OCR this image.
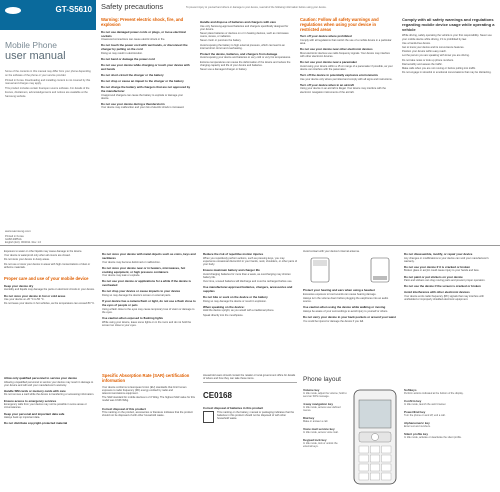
GT-S5610
Mobile Phone
user manual

Some of the contents in this manual may differ from your phone depending on the software of the phone or your service provider.

Printed in Korea. Downloading and installing content is not covered by this manual and charges may apply.

This product includes certain free/open source software. For details of the licence, disclaimers, acknowledgements and notices are available at the Samsung website.

www.samsung.com
Printed in Korea
GH68-30851A
English (EU). 06/2011. Rev. 1.0
Safety precautions	To prevent injury to yourself and others or damage to your device, read all of the following information before using your device.
Warning: Prevent electric shock, fire, and explosion
Do not use damaged power cords or plugs, or loose electrical sockets
Unsecured connections can cause electric shock or fire.
Do not touch the power cord with wet hands, or disconnect the charger by pulling on the cord
Doing so may result in electrocution.
Do not bend or damage the power cord
Do not use your device while charging or touch your device with wet hands
Do not short-circuit the charger or the battery
Do not drop or cause an impact to the charger or the battery
Do not charge the battery with chargers that are not approved by the manufacturer
Unapproved chargers can cause the battery to explode or damage your device.
Do not use your device during a thunderstorm
Your device may malfunction and your risk of electric shock is increased.
Handle and dispose of batteries and chargers with care
Use only Samsung-approved batteries and chargers specifically designed for your device.
Never place batteries or devices on or in heating devices, such as microwave ovens, stoves, or radiators.
Never crush or puncture the battery.
Avoid exposing the battery to high external pressure, which can lead to an internal short circuit and overheating.
Protect the device, batteries, and chargers from damage
Avoid exposing your device and batteries to very cold or very hot temperatures.
Extreme temperatures can cause the deformation of the device and reduce the charging capacity and life of your device and batteries.
Never use a damaged charger or battery.
Caution: Follow all safety warnings and regulations when using your device in restricted areas
Turn off your device where prohibited
Comply with all regulations that restrict the use of a mobile device in a particular area.
Do not use your device near other electronic devices
Most electronic devices use radio frequency signals. Your device may interfere with other electronic devices.
Do not use your device near a pacemaker
Avoid using your device within a 15 cm range of a pacemaker if possible, as your device can interfere with the pacemaker.
Turn off the device in potentially explosive environments
Use your device only where permitted and comply with all signs and instructions.
Turn off your device when in an aircraft
Using your device in an aircraft is illegal. Your device may interfere with the electronic navigation instruments of the aircraft.
Comply with all safety warnings and regulations regarding mobile device usage while operating a vehicle
While driving, safely operating the vehicle is your first responsibility. Never use your mobile device while driving, if it is prohibited by law.
Use a hands-free device.
Get to know your device and its convenience features.
Position your device within easy reach.
Let the person you are speaking with know you are driving.
Do not take notes or look up phone numbers.
Dial sensibly and assess the traffic.
Make calls when you are not moving or before pulling into traffic.
Do not engage in stressful or emotional conversations that may be distracting.
Exposure to water or other liquids may cause damage to the device.
Your device is waterproof only when all covers are closed.
Do not store your device in dusty areas.
Do not use or store your device in areas with high concentrations of dust or airborne materials.
Proper care and use of your mobile device
Keep your device dry
Humidity and liquids may damage the parts or electronic circuits in your device.
Do not store your device in hot or cold areas
Use your device at -20 °C to 50 °C.
Do not leave your device in hot vehicles, as the temperature can exceed 80 °C.
Do not store your device with metal objects such as coins, keys and necklaces
Your device may become deformed or malfunction.
Do not store your device near or in heaters, microwaves, hot cooking equipment, or high pressure containers
Your device may leak or explode.
Do not use your device or applications for a while if the device is overheated
Do not drop your device or cause impacts to your device
Doing so may damage the device's screen or external parts.
If your device has a camera flash or light, do not use a flash close to the eyes of people or pets
Using a flash close to the eyes may cause temporary loss of vision or damage to the eyes.
Use caution when exposed to flashing lights
While using your device, leave some lights on in the room and do not hold the screen too close to your eyes.
Reduce the risk of repetitive motion injuries
When you repetitively perform actions, such as pressing keys, you may experience occasional discomfort in your hands, neck, shoulders, or other parts of your body.
Ensure maximum battery and charger life
Avoid charging batteries for more than a week, as overcharging may shorten battery life.
Over time, unused batteries will discharge and must be recharged before use.
Use manufacturer-approved batteries, chargers, accessories and supplies
Do not bite or suck on the device or the battery
Doing so may damage the device or result in explosion.
When speaking on the device:
Hold the device upright, as you would with a traditional phone.
Speak directly into the mouthpiece.
Avoid contact with your device's internal antenna.
Protect your hearing and ears when using a headset
Excessive exposure to loud sounds can cause hearing damage.
Always turn the volume down before plugging the earphones into an audio source.
Use caution when using the device while walking or moving
Always be aware of your surroundings to avoid injury to yourself or others.
Do not carry your device in your back pockets or around your waist
You could be injured or damage the device if you fall.
Do not disassemble, modify, or repair your device
Any changes or modifications to your device can void your manufacturer's warranty.
Do not use your device if it is cracked or broken
Broken glass or acrylic could cause injury to your hands and face.
Do not paint or put stickers on your device
Paint and stickers can clog moving parts and prevent proper operation.
Do not use the device if the screen is cracked or broken
Avoid interference with other electronic devices
Your device emits radio frequency (RF) signals that may interfere with unshielded or improperly shielded electronic equipment.
Allow only qualified personnel to service your device
Allowing unqualified personnel to service your device may result in damage to your device and will void your manufacturer's warranty.
Handle SIM cards or memory cards with care
Do not remove a card while the device is transferring or accessing information.
Ensure access to emergency services
Emergency calls from your device may not be possible in some areas or circumstances.
Keep your personal and important data safe
Always back up important data.
Do not distribute copyright-protected material
Specific Absorption Rate (SAR) certification information
Your device conforms to European Union (EU) standards that limit human exposure to radio frequency (RF) energy emitted by radio and telecommunications equipment.
The SAR standard for mobile devices is 2.0 W/kg. The highest SAR value for this model was 0.646 W/kg.
Correct disposal of this product
This marking on the product, accessories or literature indicates that the product should not be disposed of with other household waste.
Household users should contact the retailer or local government office for details of where and how they can take these items.
CE0168
Correct disposal of batteries in this product
This marking on the battery, manual or packaging indicates that the batteries in this product should not be disposed of with other household waste.
Phone layout
Volume key
In Idle mode, adjust the volume; hold to send an SOS message.
4-way navigation key
In Idle mode, access user-defined menus.
Dial key
Make or answer a call.
Voice mail service key
In Idle mode, access voice mail.
Keypad lock key
In Idle mode, lock or unlock the external keys.
Softkeys
Perform actions indicated at the bottom of the display.
Confirm key
In Idle mode, launch the web browser.
Power/End key
Turn the phone on and off; end a call.
Alphanumeric key
Enter text and numbers.
Silent profile key
In Idle mode, activate or deactivate the silent profile.
